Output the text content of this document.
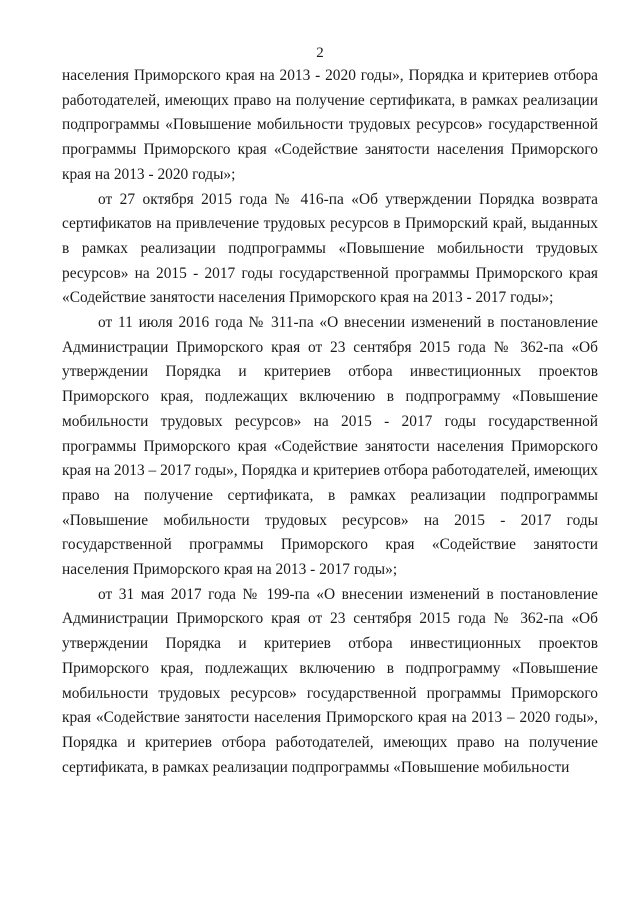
2

населения Приморского края на 2013 - 2020 годы», Порядка и критериев отбора работодателей, имеющих право на получение сертификата, в рамках реализации подпрограммы «Повышение мобильности трудовых ресурсов» государственной программы Приморского края «Содействие занятости населения Приморского края на 2013 - 2020 годы»;

от 27 октября 2015 года № 416-па «Об утверждении Порядка возврата сертификатов на привлечение трудовых ресурсов в Приморский край, выданных в рамках реализации подпрограммы «Повышение мобильности трудовых ресурсов» на 2015 - 2017 годы государственной программы Приморского края «Содействие занятости населения Приморского края на 2013 - 2017 годы»;

от 11 июля 2016 года № 311-па «О внесении изменений в постановление Администрации Приморского края от 23 сентября 2015 года № 362-па «Об утверждении Порядка и критериев отбора инвестиционных проектов Приморского края, подлежащих включению в подпрограмму «Повышение мобильности трудовых ресурсов» на 2015 - 2017 годы государственной программы Приморского края «Содействие занятости населения Приморского края на 2013 – 2017 годы», Порядка и критериев отбора работодателей, имеющих право на получение сертификата, в рамках реализации подпрограммы «Повышение мобильности трудовых ресурсов» на 2015 - 2017 годы государственной программы Приморского края «Содействие занятости населения Приморского края на 2013 - 2017 годы»;

от 31 мая 2017 года № 199-па «О внесении изменений в постановление Администрации Приморского края от 23 сентября 2015 года № 362-па «Об утверждении Порядка и критериев отбора инвестиционных проектов Приморского края, подлежащих включению в подпрограмму «Повышение мобильности трудовых ресурсов» государственной программы Приморского края «Содействие занятости населения Приморского края на 2013 – 2020 годы», Порядка и критериев отбора работодателей, имеющих право на получение сертификата, в рамках реализации подпрограммы «Повышение мобильности
